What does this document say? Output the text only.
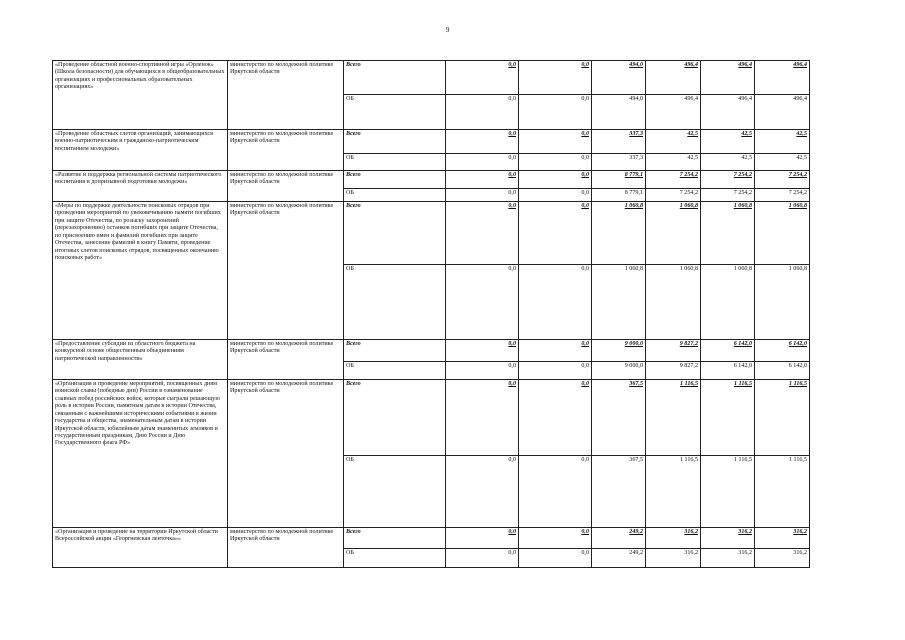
9
«Проведение областной военно-спортивной игры «Орленок» (Школа безопасности) для обучающихся в общеобразовательных организациях и профессиональных образовательных организациях»	министерство по молодежной политике Иркутской области	Всего	0,0	0,0	494,0	496,4	496,4	496,4
		ОБ	0,0	0,0	494,0	496,4	496,4	496,4
«Проведение областных слетов организаций, занимающихся военно-патриотическим и гражданско-патриотическим воспитанием молодежи»	министерство по молодежной политике Иркутской области	Всего	0,0	0,0	337,3	42,5	42,5	42,5
		ОБ	0,0	0,0	337,3	42,5	42,5	42,5
«Развитие и поддержка региональной системы патриотического воспитания и допризывной подготовки молодежи»	министерство по молодежной политике Иркутской области	Всего	0,0	0,0	8 779,1	7 254,2	7 254,2	7 254,2
		ОБ	0,0	0,0	8 779,1	7 254,2	7 254,2	7 254,2
«Меры по поддержке деятельности поисковых отрядов при проведении мероприятий по увековечиванию памяти погибших при защите Отечества, по розыску захоронений (перезахоронению) останков погибших при защите Отечества, по присвоению имен и фамилий погибших при защите Отечества, занесение фамилий в книгу Памяти, проведение итоговых слетов поисковых отрядов, посвященных окончанию поисковых работ»	министерство по молодежной политике Иркутской области	Всего	0,0	0,0	1 060,8	1 060,8	1 060,8	1 060,8
		ОБ	0,0	0,0	1 060,8	1 060,8	1 060,8	1 060,8
«Предоставление субсидии из областного бюджета на конкурсной основе общественным объединениям патриотической направленности»	министерство по молодежной политике Иркутской области	Всего	0,0	0,0	9 000,0	9 827,2	6 142,0	6 142,0
		ОБ	0,0	0,0	9 000,0	9 827,2	6 142,0	6 142,0
«Организация и проведение мероприятий, посвященных дням воинской славы (победные дни) России в ознаменование славных побед российских войск, которые сыграли решающую роль в истории России, памятным датам в истории Отечества, связанным с важнейшими историческими событиями в жизни государства и общества, знаменательным датам в истории Иркутской области, юбилейным датам знаменитых земляков и государственным праздникам, Дню России и Дню Государственного флага РФ»	министерство по молодежной политике Иркутской области	Всего	0,0	0,0	367,5	1 116,5	1 116,5	1 116,5
		ОБ	0,0	0,0	367,5	1 116,5	1 116,5	1 116,5
«Организация и проведение на территории Иркутской области Всероссийской акции «Георгиевская ленточка»»	министерство по молодежной политике Иркутской области	Всего	0,0	0,0	249,2	316,2	316,2	316,2
		ОБ	0,0	0,0	249,2	316,2	316,2	316,2
